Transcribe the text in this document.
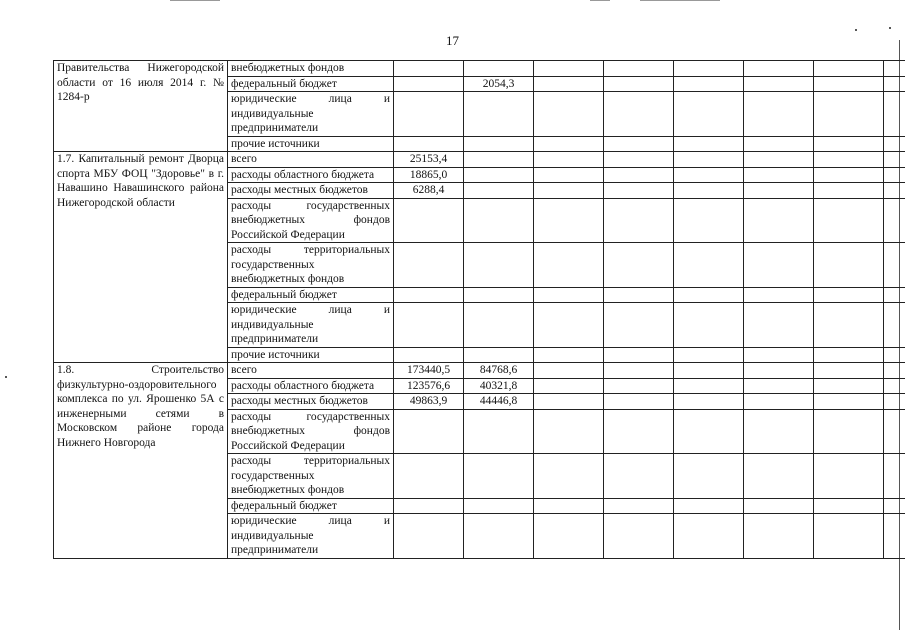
17
Правительства Нижегородской области от 16 июля 2014 г. № 1284-р	внебюджетных фондов								
	федеральный бюджет		2054,3						
	юридические лица и индивидуальные предприниматели								
	прочие источники								
1.7. Капитальный ремонт Дворца спорта МБУ ФОЦ "Здоровье" в г. Навашино Навашинского района Нижегородской области	всего	25153,4							
	расходы областного бюджета	18865,0							
	расходы местных бюджетов	6288,4							
	расходы государственных внебюджетных фондов Российской Федерации								
	расходы территориальных государственных внебюджетных фондов								
	федеральный бюджет								
	юридические лица и индивидуальные предприниматели								
	прочие источники								
1.8. Строительство физкультурно-оздоровительного комплекса по ул. Ярошенко 5А с инженерными сетями в Московском районе города Нижнего Новгорода	всего	173440,5	84768,6						
	расходы областного бюджета	123576,6	40321,8						
	расходы местных бюджетов	49863,9	44446,8						
	расходы государственных внебюджетных фондов Российской Федерации								
	расходы территориальных государственных внебюджетных фондов								
	федеральный бюджет								
	юридические лица и индивидуальные предприниматели								
